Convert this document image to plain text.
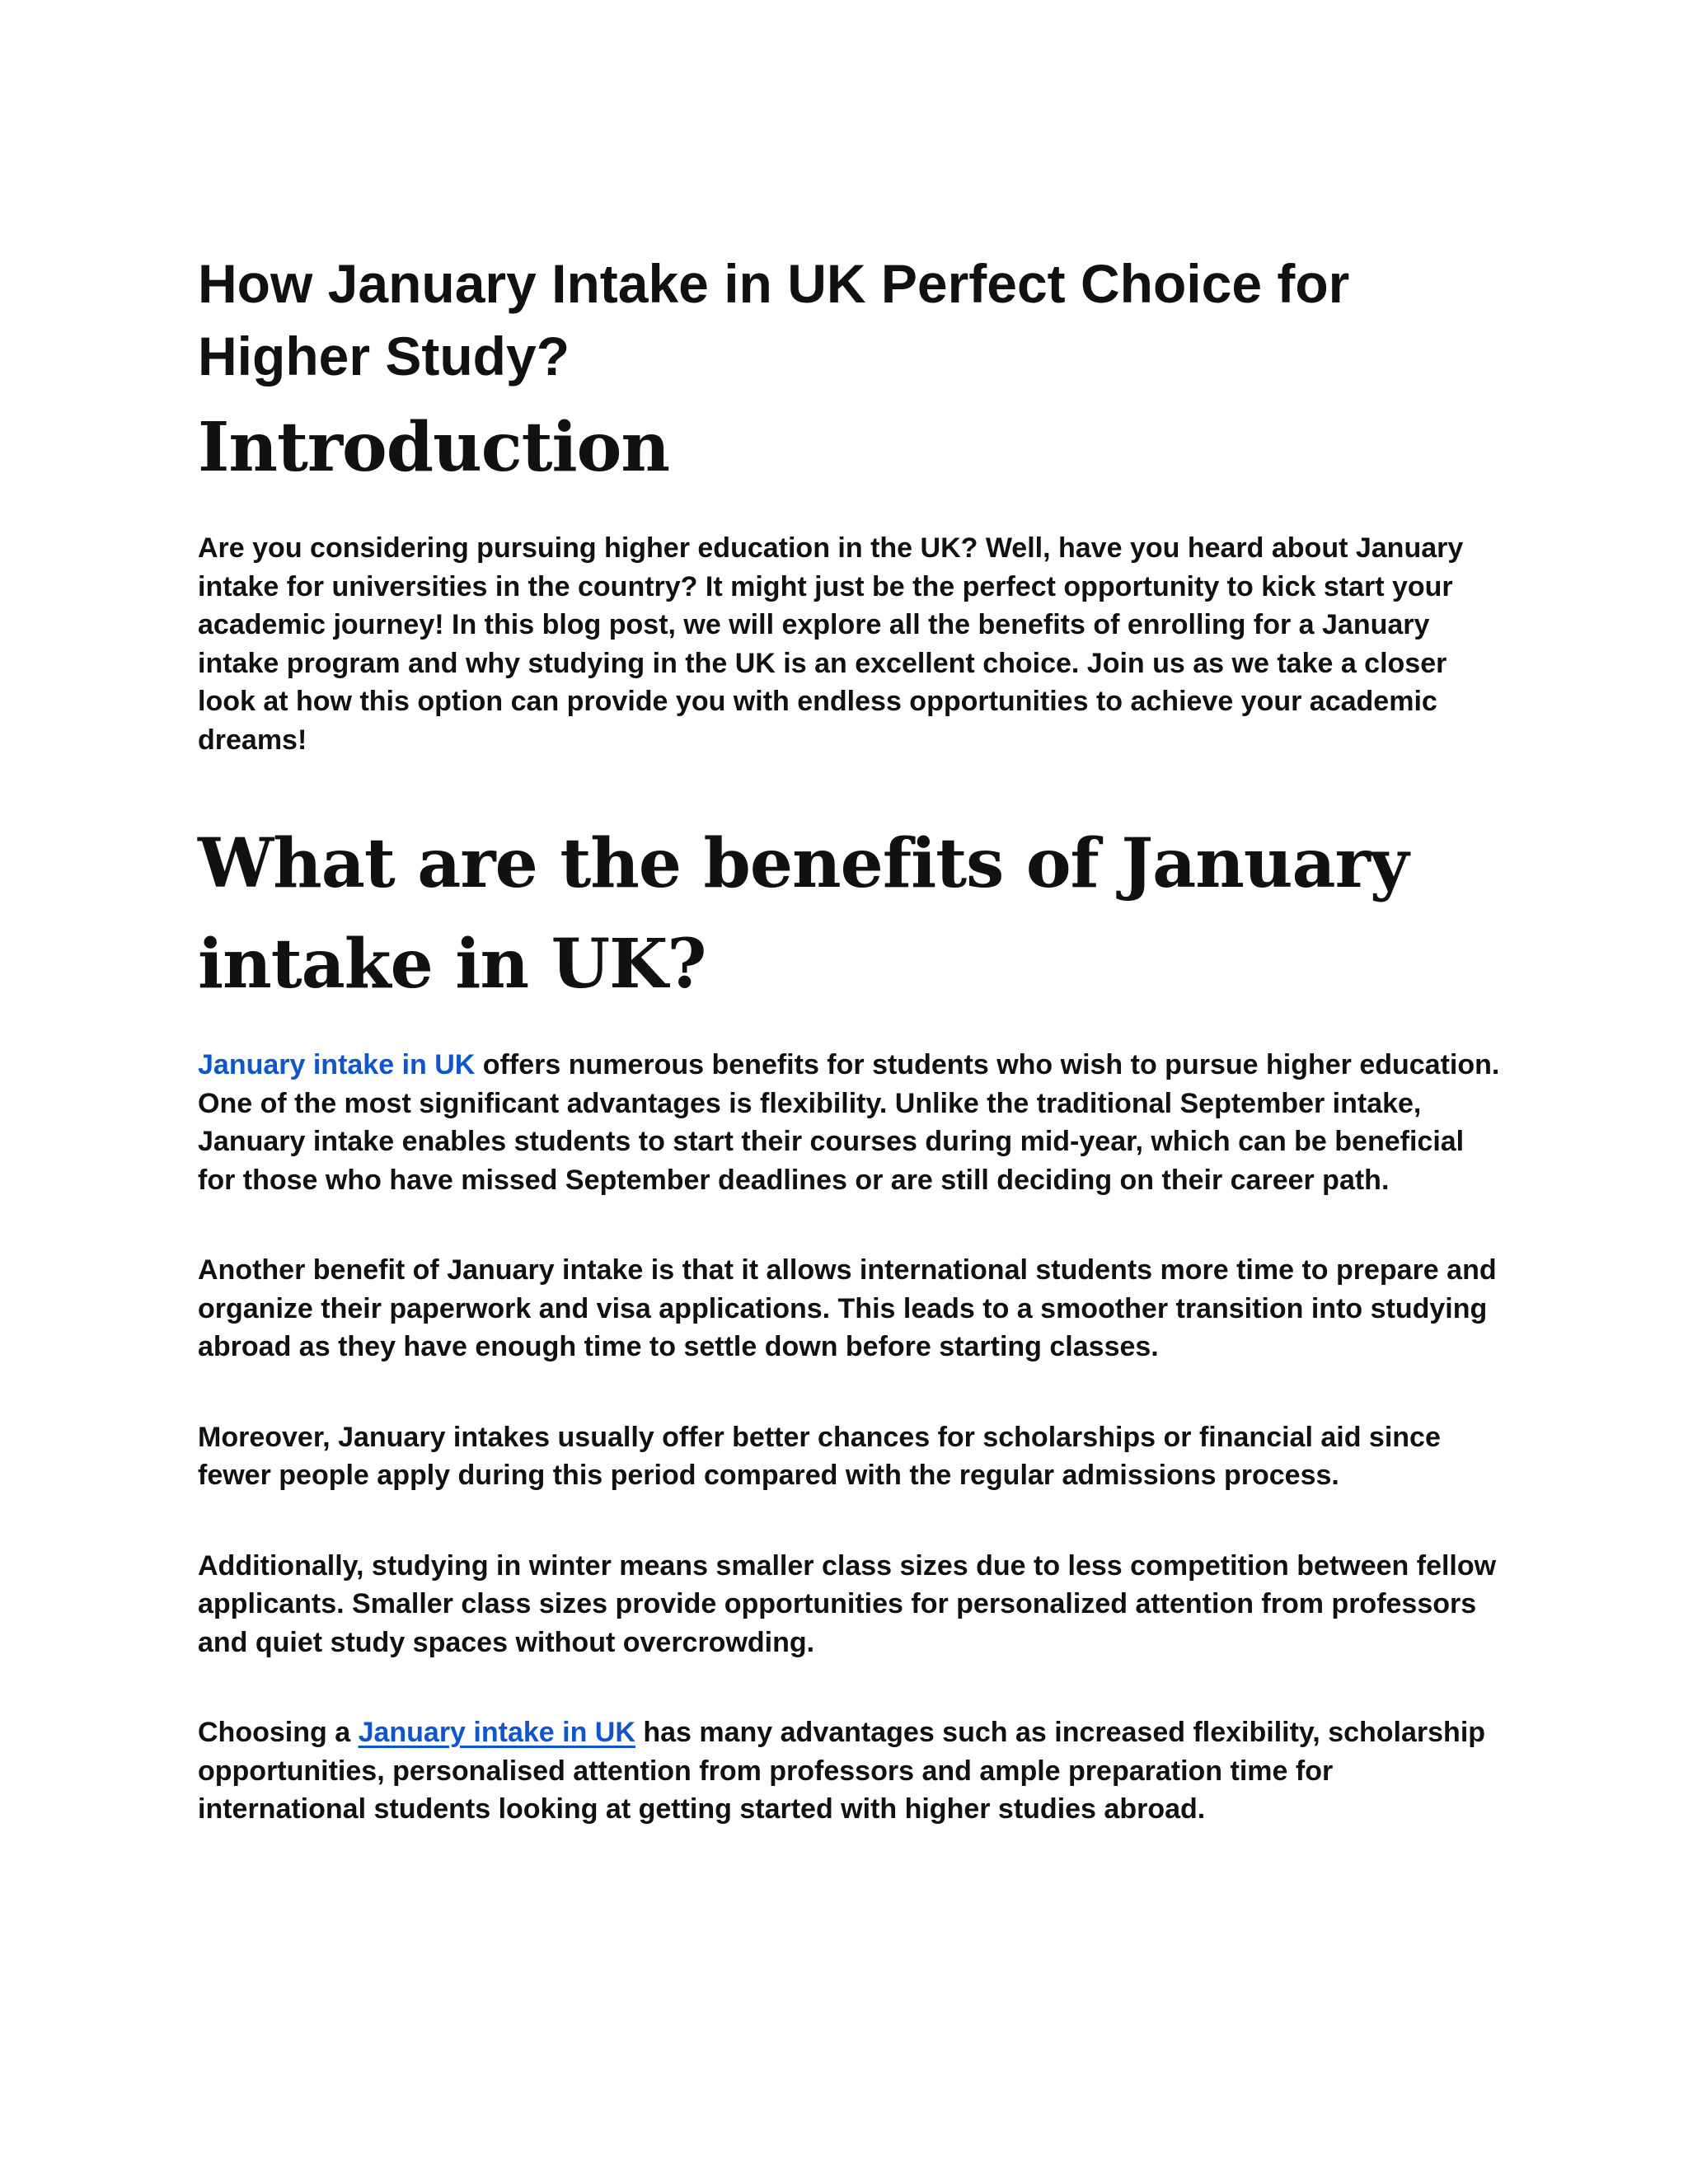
How January Intake in UK Perfect Choice for Higher Study?
Introduction

Are you considering pursuing higher education in the UK? Well, have you heard about January intake for universities in the country? It might just be the perfect opportunity to kick start your academic journey! In this blog post, we will explore all the benefits of enrolling for a January intake program and why studying in the UK is an excellent choice. Join us as we take a closer look at how this option can provide you with endless opportunities to achieve your academic dreams!

What are the benefits of January intake in UK?

January intake in UK offers numerous benefits for students who wish to pursue higher education. One of the most significant advantages is flexibility. Unlike the traditional September intake, January intake enables students to start their courses during mid-year, which can be beneficial for those who have missed September deadlines or are still deciding on their career path.

Another benefit of January intake is that it allows international students more time to prepare and organize their paperwork and visa applications. This leads to a smoother transition into studying abroad as they have enough time to settle down before starting classes.

Moreover, January intakes usually offer better chances for scholarships or financial aid since fewer people apply during this period compared with the regular admissions process.

Additionally, studying in winter means smaller class sizes due to less competition between fellow applicants. Smaller class sizes provide opportunities for personalized attention from professors and quiet study spaces without overcrowding.

Choosing a January intake in UK has many advantages such as increased flexibility, scholarship opportunities, personalised attention from professors and ample preparation time for international students looking at getting started with higher studies abroad.
